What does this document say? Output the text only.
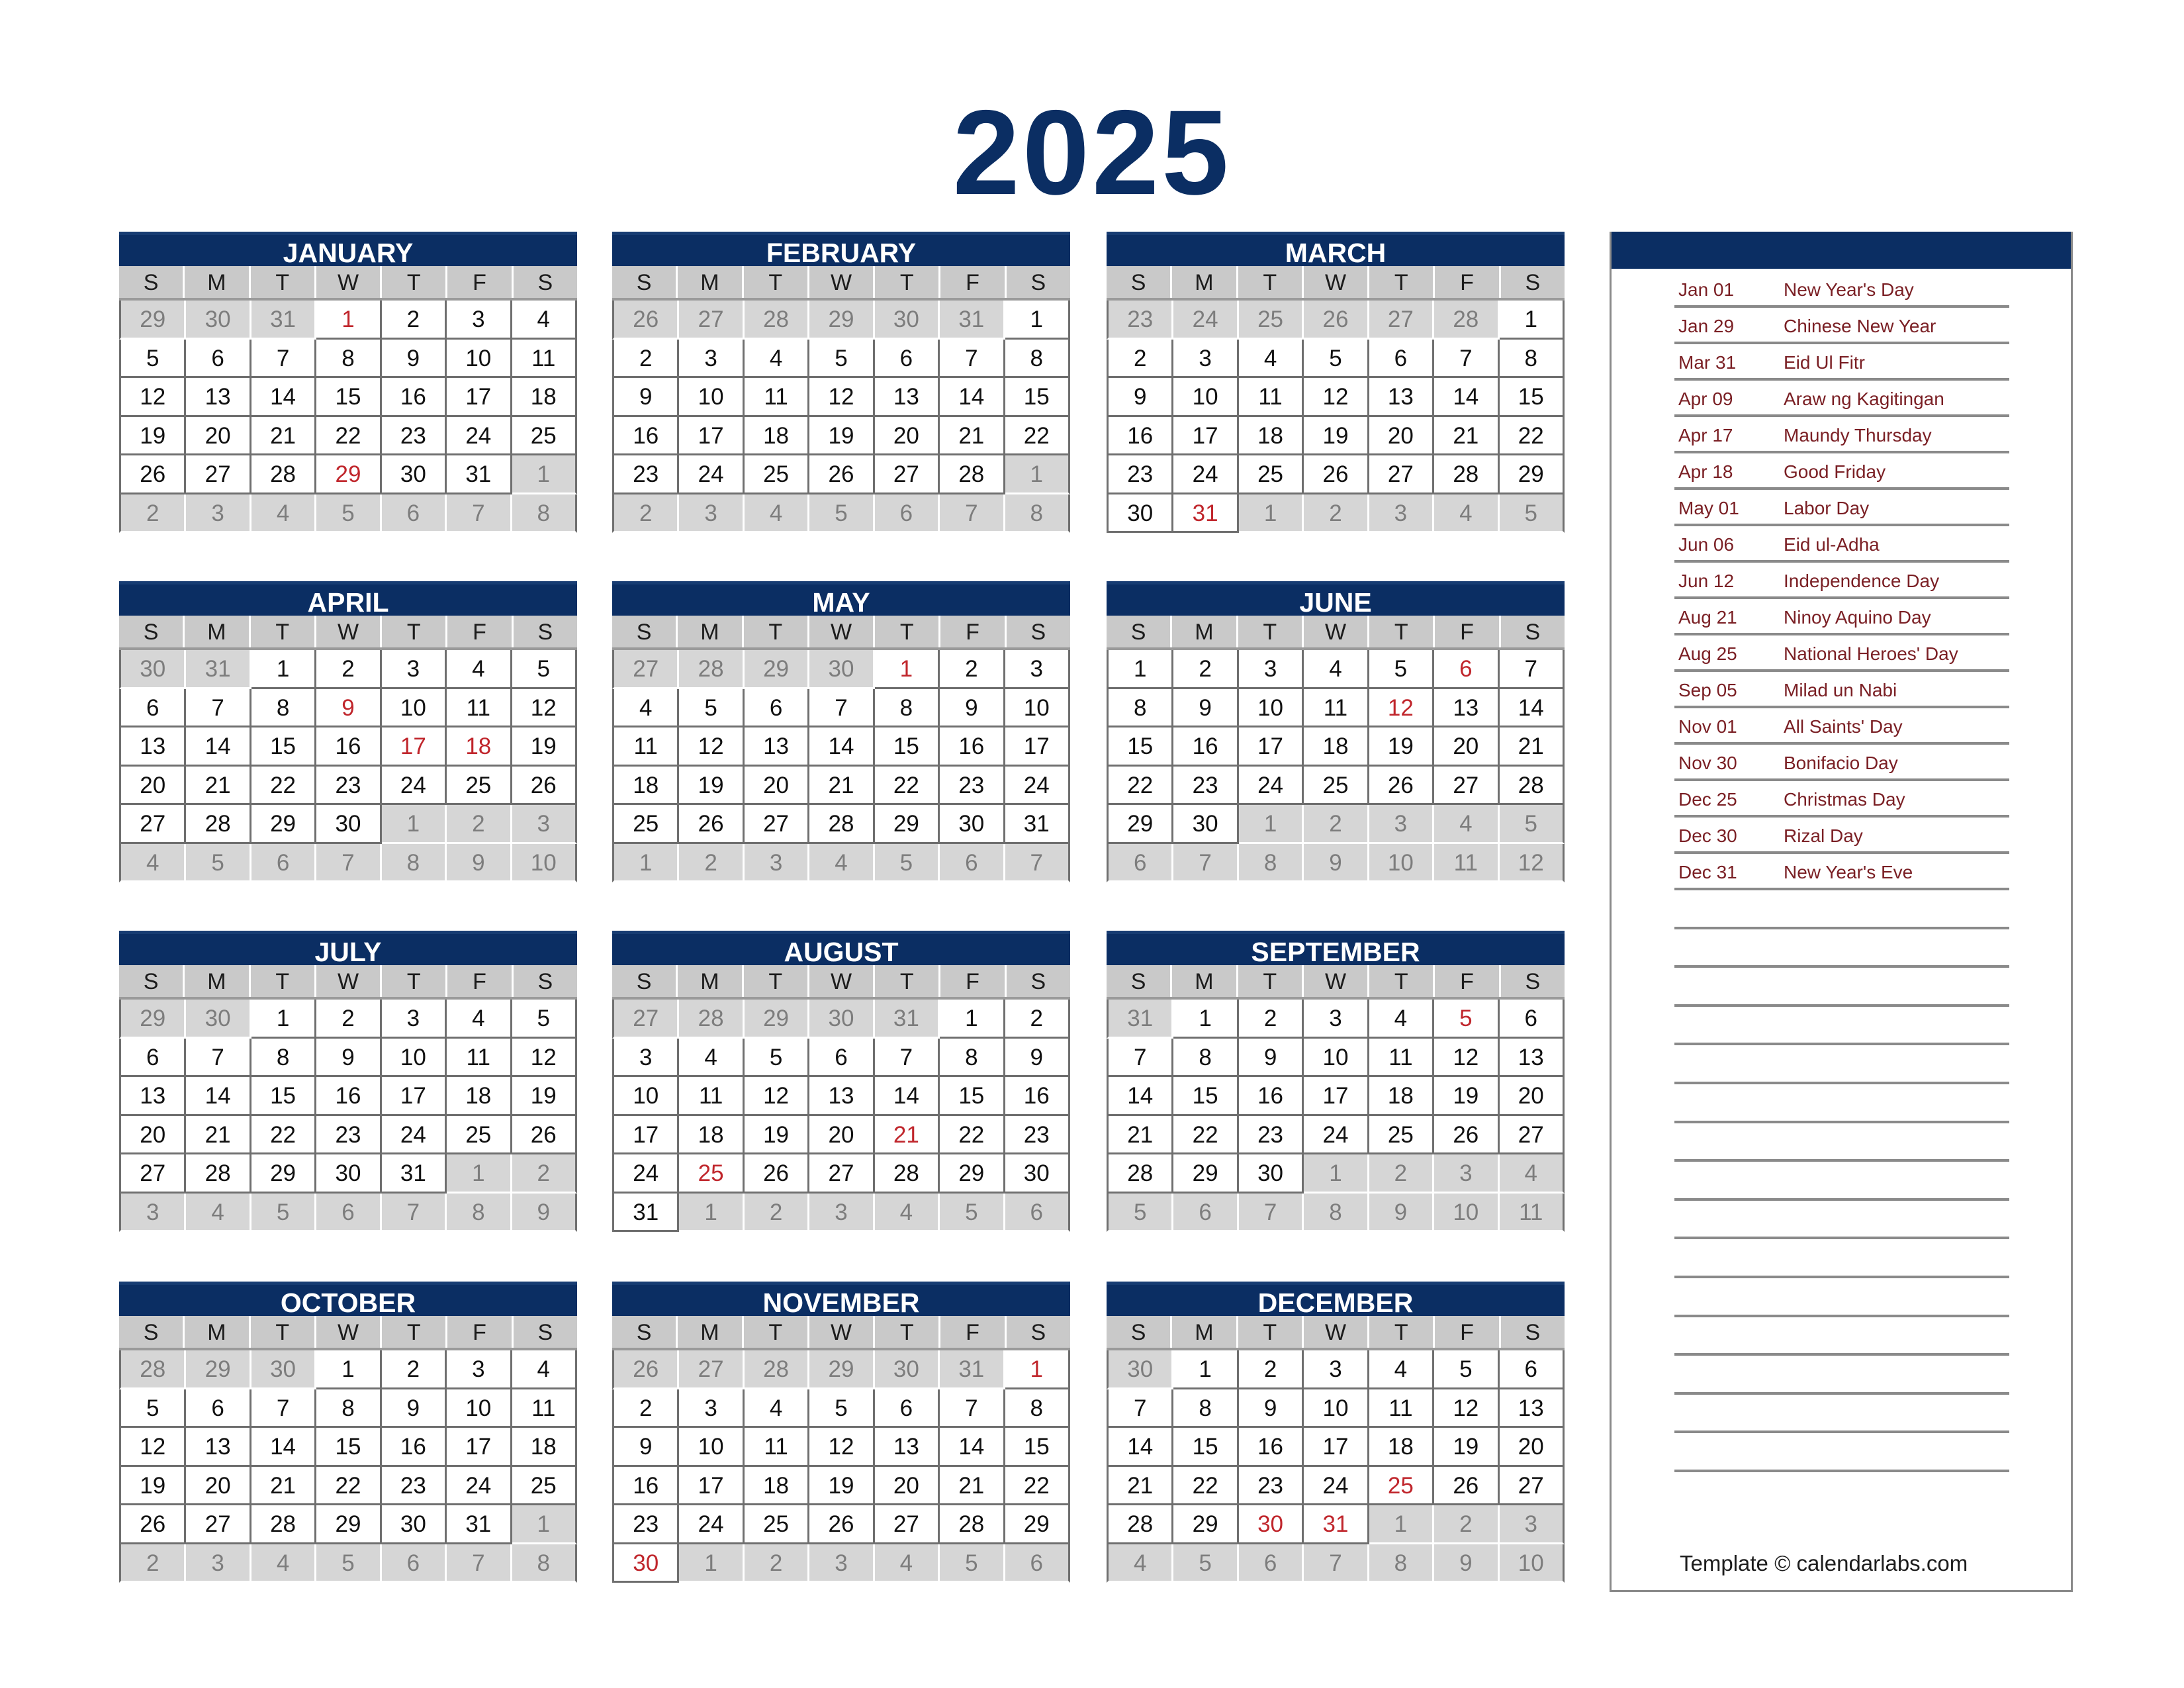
2025
JANUARY
S	M	T	W	T	F	S
29	30	31	1	2	3	4
5	6	7	8	9	10	11
12	13	14	15	16	17	18
19	20	21	22	23	24	25
26	27	28	29	30	31	1
2	3	4	5	6	7	8
FEBRUARY
S	M	T	W	T	F	S
26	27	28	29	30	31	1
2	3	4	5	6	7	8
9	10	11	12	13	14	15
16	17	18	19	20	21	22
23	24	25	26	27	28	1
2	3	4	5	6	7	8
MARCH
S	M	T	W	T	F	S
23	24	25	26	27	28	1
2	3	4	5	6	7	8
9	10	11	12	13	14	15
16	17	18	19	20	21	22
23	24	25	26	27	28	29
30	31	1	2	3	4	5
APRIL
S	M	T	W	T	F	S
30	31	1	2	3	4	5
6	7	8	9	10	11	12
13	14	15	16	17	18	19
20	21	22	23	24	25	26
27	28	29	30	1	2	3
4	5	6	7	8	9	10
MAY
S	M	T	W	T	F	S
27	28	29	30	1	2	3
4	5	6	7	8	9	10
11	12	13	14	15	16	17
18	19	20	21	22	23	24
25	26	27	28	29	30	31
1	2	3	4	5	6	7
JUNE
S	M	T	W	T	F	S
1	2	3	4	5	6	7
8	9	10	11	12	13	14
15	16	17	18	19	20	21
22	23	24	25	26	27	28
29	30	1	2	3	4	5
6	7	8	9	10	11	12
JULY
S	M	T	W	T	F	S
29	30	1	2	3	4	5
6	7	8	9	10	11	12
13	14	15	16	17	18	19
20	21	22	23	24	25	26
27	28	29	30	31	1	2
3	4	5	6	7	8	9
AUGUST
S	M	T	W	T	F	S
27	28	29	30	31	1	2
3	4	5	6	7	8	9
10	11	12	13	14	15	16
17	18	19	20	21	22	23
24	25	26	27	28	29	30
31	1	2	3	4	5	6
SEPTEMBER
S	M	T	W	T	F	S
31	1	2	3	4	5	6
7	8	9	10	11	12	13
14	15	16	17	18	19	20
21	22	23	24	25	26	27
28	29	30	1	2	3	4
5	6	7	8	9	10	11
OCTOBER
S	M	T	W	T	F	S
28	29	30	1	2	3	4
5	6	7	8	9	10	11
12	13	14	15	16	17	18
19	20	21	22	23	24	25
26	27	28	29	30	31	1
2	3	4	5	6	7	8
NOVEMBER
S	M	T	W	T	F	S
26	27	28	29	30	31	1
2	3	4	5	6	7	8
9	10	11	12	13	14	15
16	17	18	19	20	21	22
23	24	25	26	27	28	29
30	1	2	3	4	5	6
DECEMBER
S	M	T	W	T	F	S
30	1	2	3	4	5	6
7	8	9	10	11	12	13
14	15	16	17	18	19	20
21	22	23	24	25	26	27
28	29	30	31	1	2	3
4	5	6	7	8	9	10
Jan 01	New Year's Day
Jan 29	Chinese New Year
Mar 31	Eid Ul Fitr
Apr 09	Araw ng Kagitingan
Apr 17	Maundy Thursday
Apr 18	Good Friday
May 01	Labor Day
Jun 06	Eid ul-Adha
Jun 12	Independence Day
Aug 21	Ninoy Aquino Day
Aug 25	National Heroes' Day
Sep 05	Milad un Nabi
Nov 01	All Saints' Day
Nov 30	Bonifacio Day
Dec 25	Christmas Day
Dec 30	Rizal Day
Dec 31	New Year's Eve
Template © calendarlabs.com
